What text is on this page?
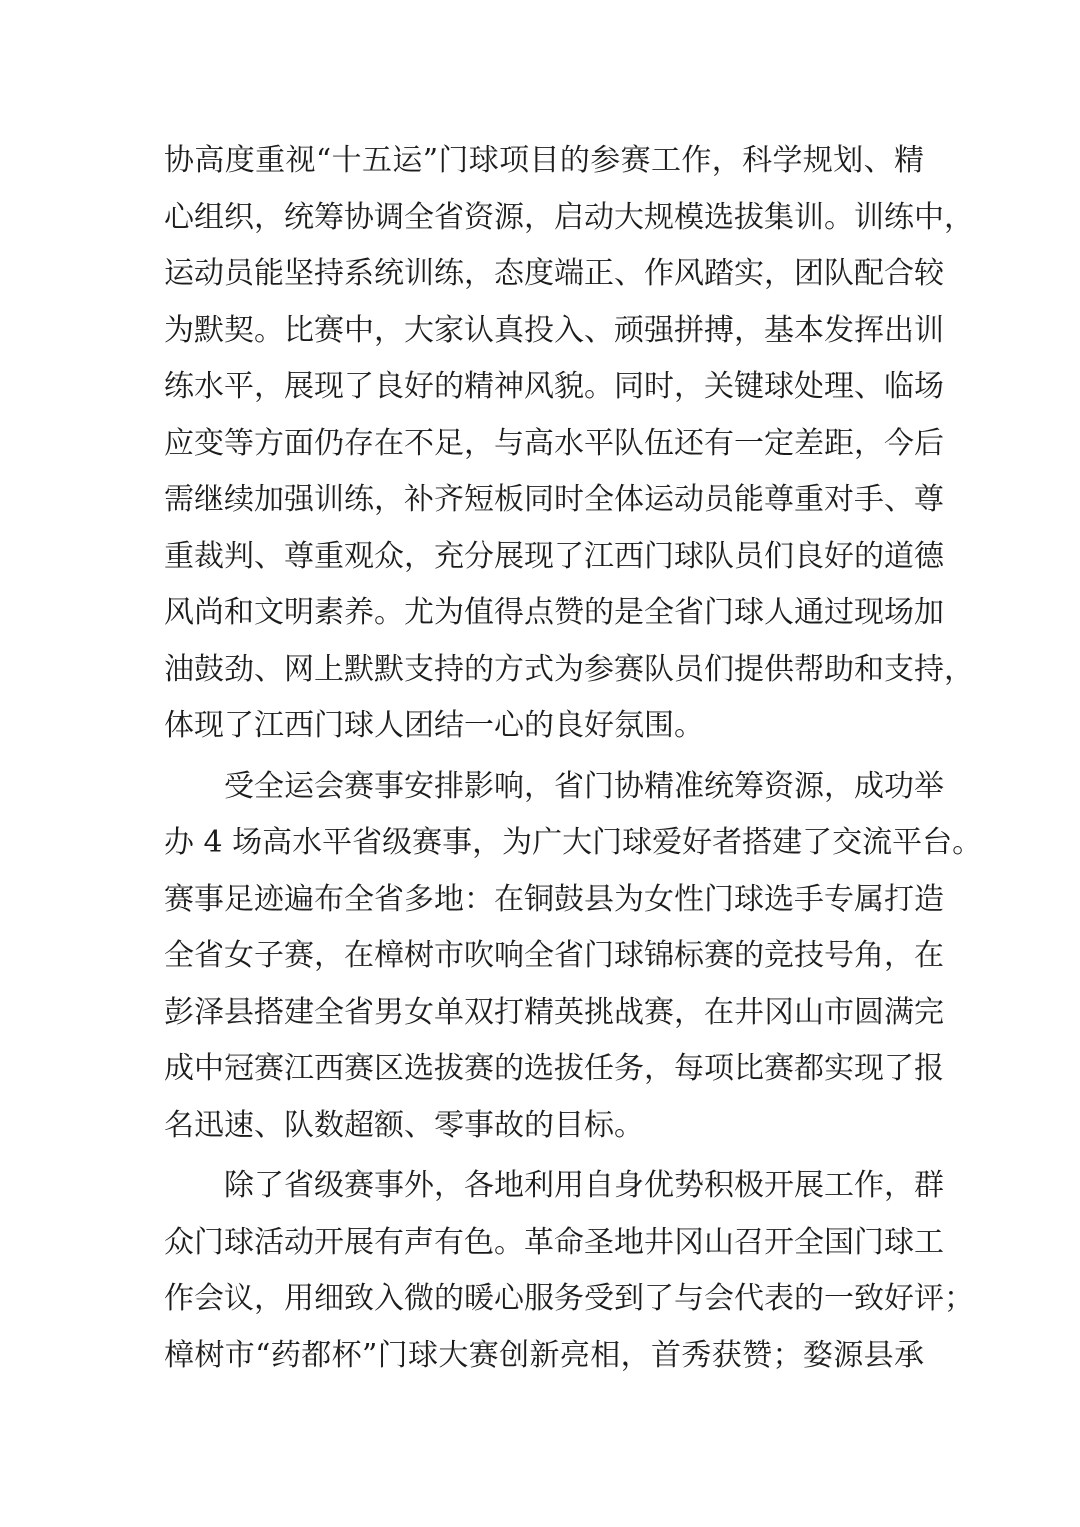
协高度重视“十五运”门球项目的参赛工作，科学规划、精
心组织，统筹协调全省资源，启动大规模选拔集训。训练中，
运动员能坚持系统训练，态度端正、作风踏实，团队配合较
为默契。比赛中，大家认真投入、顽强拼搏，基本发挥出训
练水平，展现了良好的精神风貌。同时，关键球处理、临场
应变等方面仍存在不足，与高水平队伍还有一定差距，今后
需继续加强训练，补齐短板同时全体运动员能尊重对手、尊
重裁判、尊重观众，充分展现了江西门球队员们良好的道德
风尚和文明素养。尤为值得点赞的是全省门球人通过现场加
油鼓劲、网上默默支持的方式为参赛队员们提供帮助和支持，
体现了江西门球人团结一心的良好氛围。
受全运会赛事安排影响，省门协精准统筹资源，成功举
办 4 场高水平省级赛事，为广大门球爱好者搭建了交流平台。
赛事足迹遍布全省多地：在铜鼓县为女性门球选手专属打造
全省女子赛，在樟树市吹响全省门球锦标赛的竞技号角，在
彭泽县搭建全省男女单双打精英挑战赛，在井冈山市圆满完
成中冠赛江西赛区选拔赛的选拔任务，每项比赛都实现了报
名迅速、队数超额、零事故的目标。
除了省级赛事外，各地利用自身优势积极开展工作，群
众门球活动开展有声有色。革命圣地井冈山召开全国门球工
作会议，用细致入微的暖心服务受到了与会代表的一致好评；
樟树市“药都杯”门球大赛创新亮相，首秀获赞；婺源县承
